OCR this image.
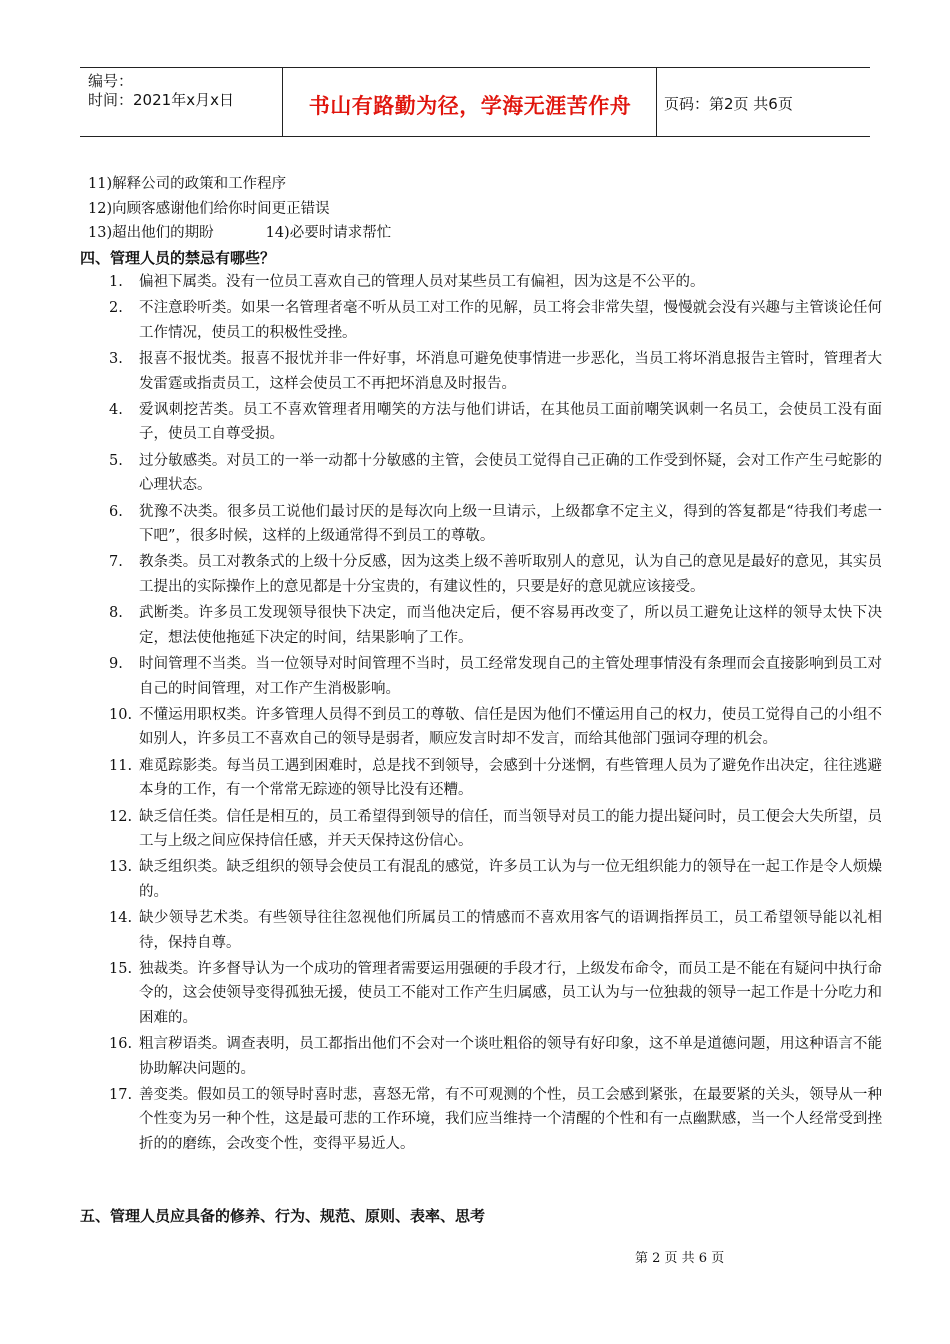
编号：
时间：2021年x月x日	书山有路勤为径，学海无涯苦作舟	页码：第2页 共6页
11)解释公司的政策和工作程序
12)向顾客感谢他们给你时间更正错误
13)超出他们的期盼	14)必要时请求帮忙
四、管理人员的禁忌有哪些？
1.	偏袒下属类。没有一位员工喜欢自己的管理人员对某些员工有偏袒，因为这是不公平的。
2.	不注意聆听类。如果一名管理者毫不听从员工对工作的见解，员工将会非常失望，慢慢就会没有兴趣与主管谈论任何工作情况，使员工的积极性受挫。
3.	报喜不报忧类。报喜不报忧并非一件好事，坏消息可避免使事情进一步恶化，当员工将坏消息报告主管时，管理者大发雷霆或指责员工，这样会使员工不再把坏消息及时报告。
4.	爱讽刺挖苦类。员工不喜欢管理者用嘲笑的方法与他们讲话，在其他员工面前嘲笑讽刺一名员工，会使员工没有面子，使员工自尊受损。
5.	过分敏感类。对员工的一举一动都十分敏感的主管，会使员工觉得自己正确的工作受到怀疑，会对工作产生弓蛇影的心理状态。
6.	犹豫不决类。很多员工说他们最讨厌的是每次向上级一旦请示，上级都拿不定主义，得到的答复都是“待我们考虑一下吧”，很多时候，这样的上级通常得不到员工的尊敬。
7.	教条类。员工对教条式的上级十分反感，因为这类上级不善听取别人的意见，认为自己的意见是最好的意见，其实员工提出的实际操作上的意见都是十分宝贵的，有建议性的，只要是好的意见就应该接受。
8.	武断类。许多员工发现领导很快下决定，而当他决定后，便不容易再改变了，所以员工避免让这样的领导太快下决定，想法使他拖延下决定的时间，结果影响了工作。
9.	时间管理不当类。当一位领导对时间管理不当时，员工经常发现自己的主管处理事情没有条理而会直接影响到员工对自己的时间管理，对工作产生消极影响。
10. 不懂运用职权类。许多管理人员得不到员工的尊敬、信任是因为他们不懂运用自己的权力，使员工觉得自己的小组不如别人，许多员工不喜欢自己的领导是弱者，顺应发言时却不发言，而给其他部门强词夺理的机会。
11. 难觅踪影类。每当员工遇到困难时，总是找不到领导，会感到十分迷惘，有些管理人员为了避免作出决定，往往逃避本身的工作，有一个常常无踪迹的领导比没有还糟。
12. 缺乏信任类。信任是相互的，员工希望得到领导的信任，而当领导对员工的能力提出疑问时，员工便会大失所望，员工与上级之间应保持信任感，并天天保持这份信心。
13. 缺乏组织类。缺乏组织的领导会使员工有混乱的感觉，许多员工认为与一位无组织能力的领导在一起工作是令人烦燥的。
14. 缺少领导艺术类。有些领导往往忽视他们所属员工的情感而不喜欢用客气的语调指挥员工，员工希望领导能以礼相待，保持自尊。
15. 独裁类。许多督导认为一个成功的管理者需要运用强硬的手段才行，上级发布命令，而员工是不能在有疑问中执行命令的，这会使领导变得孤独无援，使员工不能对工作产生归属感，员工认为与一位独裁的领导一起工作是十分吃力和困难的。
16. 粗言秽语类。调查表明，员工都指出他们不会对一个谈吐粗俗的领导有好印象，这不单是道德问题，用这种语言不能协助解决问题的。
17. 善变类。假如员工的领导时喜时悲，喜怒无常，有不可观测的个性，员工会感到紧张，在最要紧的关头，领导从一种个性变为另一种个性，这是最可悲的工作环境，我们应当维持一个清醒的个性和有一点幽默感，当一个人经常受到挫折的的磨练，会改变个性，变得平易近人。
五、管理人员应具备的修养、行为、规范、原则、表率、思考
第 2 页 共 6 页
